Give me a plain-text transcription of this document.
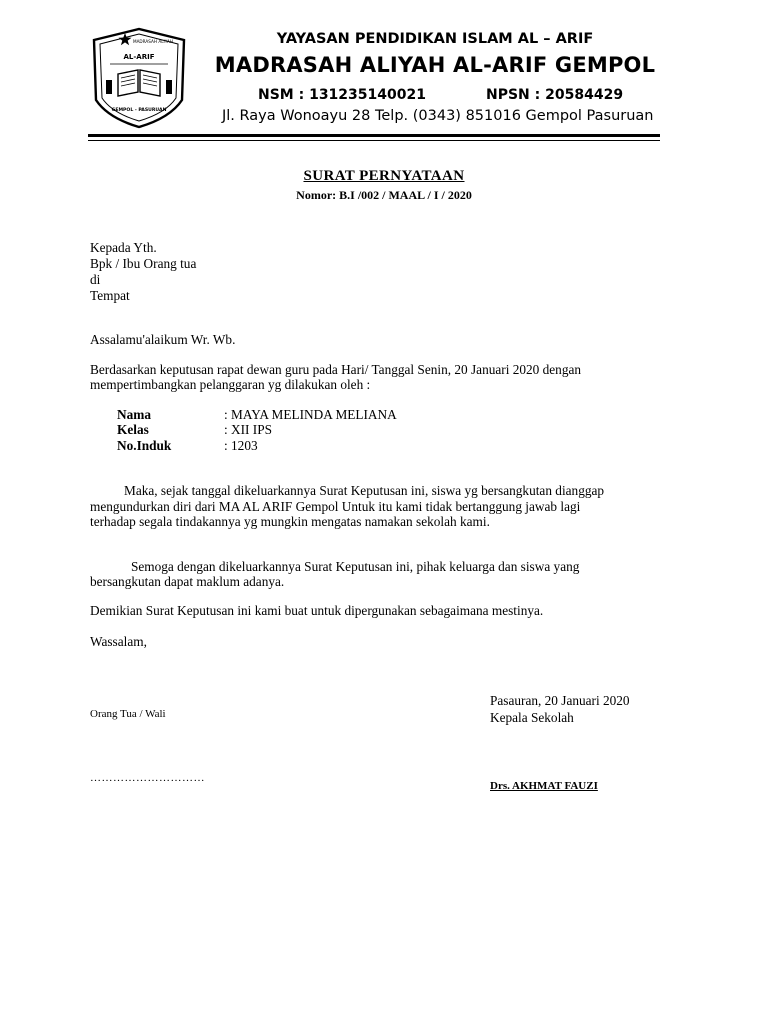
MADRASAH ALIYAH
AL-ARIF
GEMPOL - PASURUAN
YAYASAN PENDIDIKAN ISLAM AL – ARIF
MADRASAH ALIYAH AL-ARIF GEMPOL
NSM : 131235140021	NPSN : 20584429
Jl. Raya Wonoayu 28 Telp. (0343) 851016 Gempol Pasuruan
SURAT PERNYATAAN
Nomor: B.I /002 / MAAL / I / 2020
Kepada Yth.
Bpk / Ibu Orang tua
di
Tempat
Assalamu'alaikum Wr. Wb.
Berdasarkan keputusan rapat dewan guru pada Hari/ Tanggal Senin, 20 Januari 2020 dengan
mempertimbangkan pelanggaran yg dilakukan oleh :
Nama	: MAYA MELINDA MELIANA
Kelas	: XII IPS
No.Induk	: 1203
Maka, sejak tanggal dikeluarkannya Surat Keputusan ini, siswa yg bersangkutan dianggap
mengundurkan diri dari MA AL ARIF Gempol Untuk itu kami tidak bertanggung jawab lagi
terhadap segala tindakannya yg mungkin mengatas namakan sekolah kami.
Semoga dengan dikeluarkannya Surat Keputusan ini, pihak keluarga dan siswa yang
bersangkutan dapat maklum adanya.
Demikian Surat Keputusan ini kami buat untuk dipergunakan sebagaimana mestinya.
Wassalam,
Pasauran, 20 Januari 2020
Kepala Sekolah
Orang Tua / Wali
…………………………
Drs. AKHMAT FAUZI
